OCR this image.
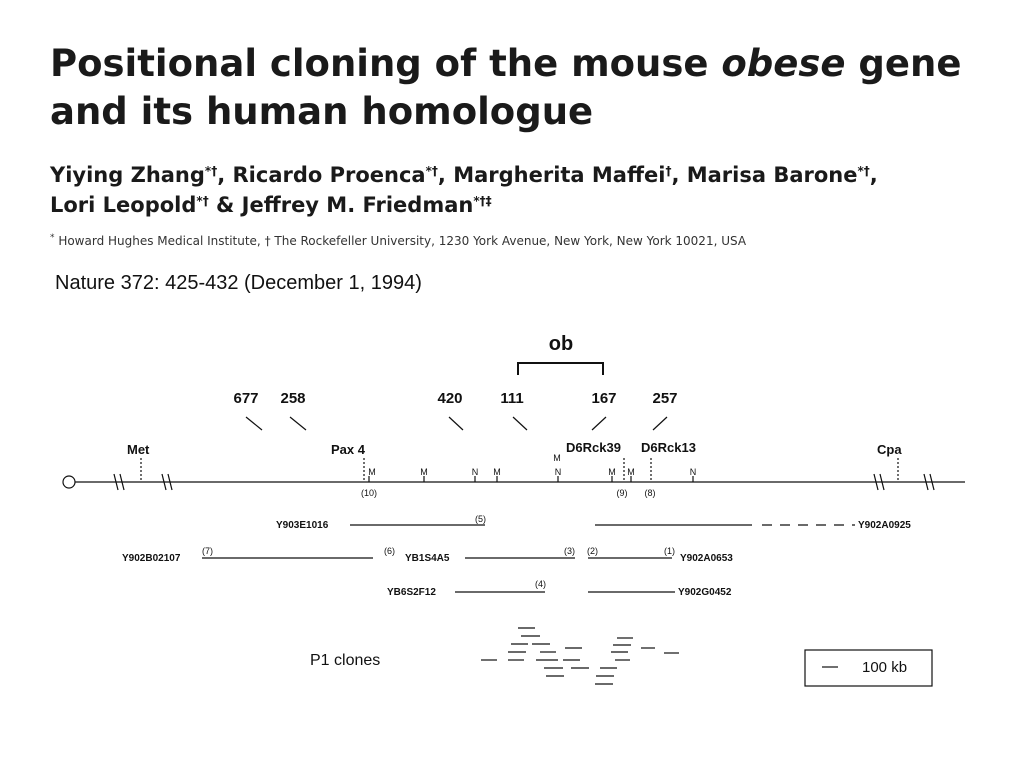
Positional cloning of the mouse obese gene and its human homologue
Yiying Zhang*†, Ricardo Proenca*†, Margherita Maffei†, Marisa Barone*†,
Lori Leopold*† & Jeffrey M. Friedman*†‡
* Howard Hughes Medical Institute, † The Rockefeller University, 1230 York Avenue, New York, New York 10021, USA
Nature 372: 425-432 (December 1, 1994)
ob
677 258	420	111	167 257
Met	Pax 4	D6Rck39 D6Rck13	Cpa
M	M
M
N M	M
N	M	N
(10)	(9) (8)
Y903E1016	Y902A0925
Y902B02107	YB1S4A5	Y902A0653
YB6S2F12	Y902G0452
(5)
(7)	(6)	(3) (2)	(1)
(4)
P1 clones	100 kb
